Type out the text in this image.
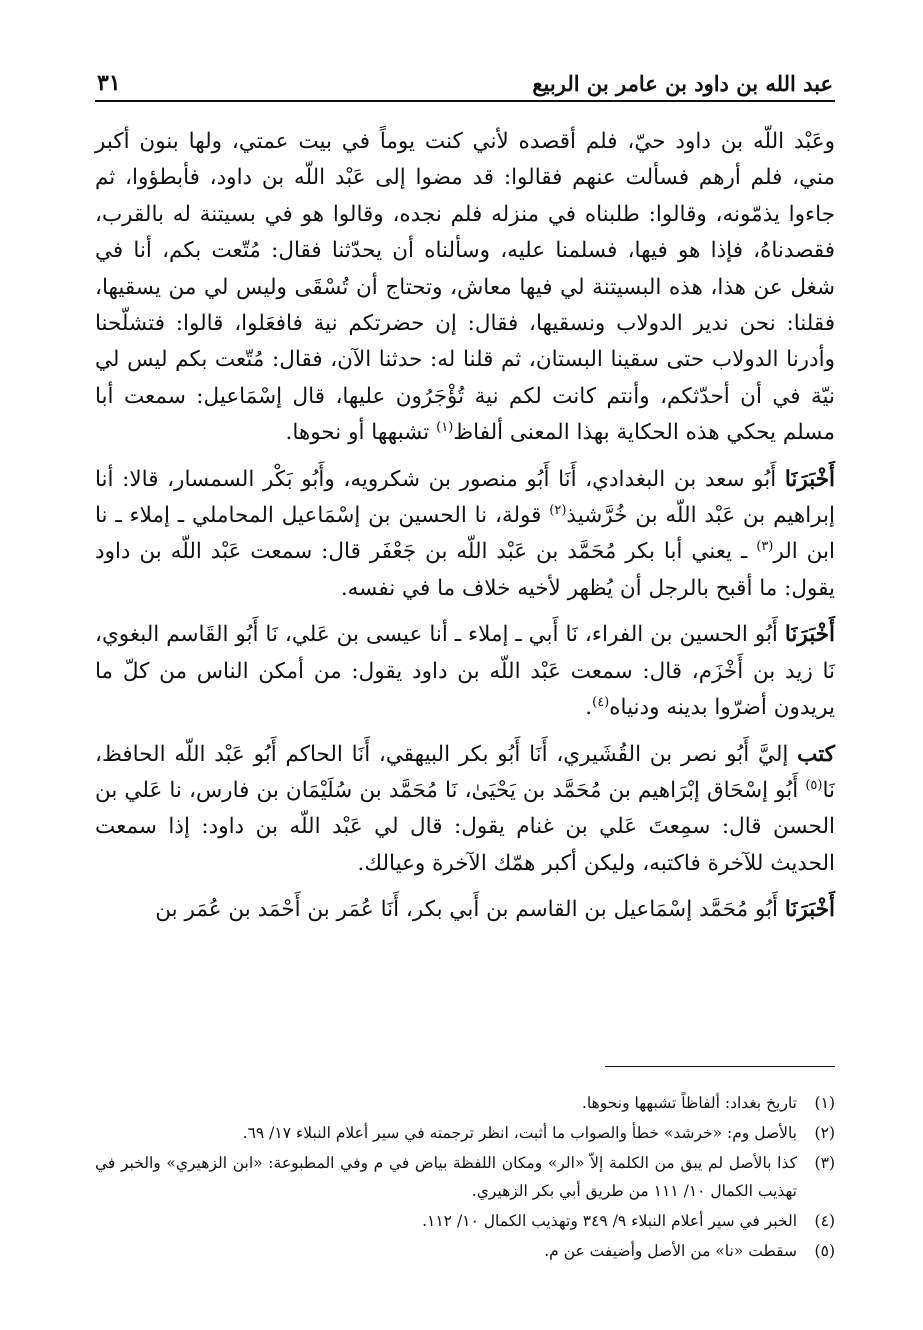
عبد الله بن داود بن عامر بن الربيع
٣١

وعَبْد اللّه بن داود حيّ، فلم أقصده لأني كنت يوماً في بيت عمتي، ولها بنون أكبر مني، فلم أرهم فسألت عنهم فقالوا: قد مضوا إلى عَبْد اللّه بن داود، فأبطؤوا، ثم جاءوا يذمّونه، وقالوا: طلبناه في منزله فلم نجده، وقالوا هو في بسيتنة له بالقرب، فقصدناهُ، فإذا هو فيها، فسلمنا عليه، وسألناه أن يحدّثنا فقال: مُتّعت بكم، أنا في شغل عن هذا، هذه البسيتنة لي فيها معاش، وتحتاج أن تُسْقَى وليس لي من يسقيها، فقلنا: نحن ندير الدولاب ونسقيها، فقال: إن حضرتكم نية فافعَلوا، قالوا: فتشلّحنا وأدرنا الدولاب حتى سقينا البستان، ثم قلنا له: حدثنا الآن، فقال: مُتّعت بكم ليس لي نيّة في أن أحدّثكم، وأنتم كانت لكم نية تُؤْجَرُون عليها، قال إسْمَاعيل: سمعت أبا مسلم يحكي هذه الحكاية بهذا المعنى ألفاظ$^{(١)}$ تشبهها أو نحوها.

أَخْبَرَنَا أَبُو سعد بن البغدادي، أَنَا أَبُو منصور بن شكرويه، وأَبُو بَكْر السمسار، قالا: أنا إبراهيم بن عَبْد اللّه بن خُرَّشيذ$^{(٢)}$ قولة، نا الحسين بن إسْمَاعيل المحاملي ـ إملاء ـ نا ابن الر$^{(٣)}$ ـ يعني أبا بكر مُحَمَّد بن عَبْد اللّه بن جَعْفَر قال: سمعت عَبْد اللّه بن داود يقول: ما أقبح بالرجل أن يُظهر لأخيه خلاف ما في نفسه.

أَخْبَرَنَا أَبُو الحسين بن الفراء، نَا أَبي ـ إملاء ـ أنا عيسى بن عَلي، نَا أَبُو القَاسم البغوي، نَا زيد بن أَخْزَم، قال: سمعت عَبْد اللّه بن داود يقول: من أمكن الناس من كلّ ما يريدون أضرّوا بدينه ودنياه$^{(٤)}$.

كتب إليَّ أَبُو نصر بن القُشَيري، أَنَا أَبُو بكر البيهقي، أَنَا الحاكم أَبُو عَبْد اللّه الحافظ، نَا$^{(٥)}$ أَبُو إسْحَاق إبْرَاهيم بن مُحَمَّد بن يَحْيَىٰ، نَا مُحَمَّد بن سُلَيْمَان بن فارس، نا عَلي بن الحسن قال: سمِعتَ عَلي بن غنام يقول: قال لي عَبْد اللّه بن داود: إذا سمعت الحديث للآخرة فاكتبه، وليكن أكبر همّك الآخرة وعيالك.

أَخْبَرَنَا أَبُو مُحَمَّد إسْمَاعيل بن القاسم بن أَبي بكر، أَنَا عُمَر بن أَحْمَد بن عُمَر بن

(١)
تاريخ بغداد: ألفاظاً تشبهها ونحوها.
(٢)
بالأصل وم: «خرشد» خطأ والصواب ما أثبت، انظر ترجمته في سير أعلام النبلاء ١٧/ ٦٩.
(٣)
كذا بالأصل لم يبق من الكلمة إلاّ «الر» ومكان اللفظة بياض في م وفي المطبوعة: «ابن الزهيري» والخبر في تهذيب الكمال ١٠/ ١١١ من طريق أبي بكر الزهيري.
(٤)
الخبر في سير أعلام النبلاء ٩/ ٣٤٩ وتهذيب الكمال ١٠/ ١١٢.
(٥)
سقطت «نا» من الأصل وأضيفت عن م.
